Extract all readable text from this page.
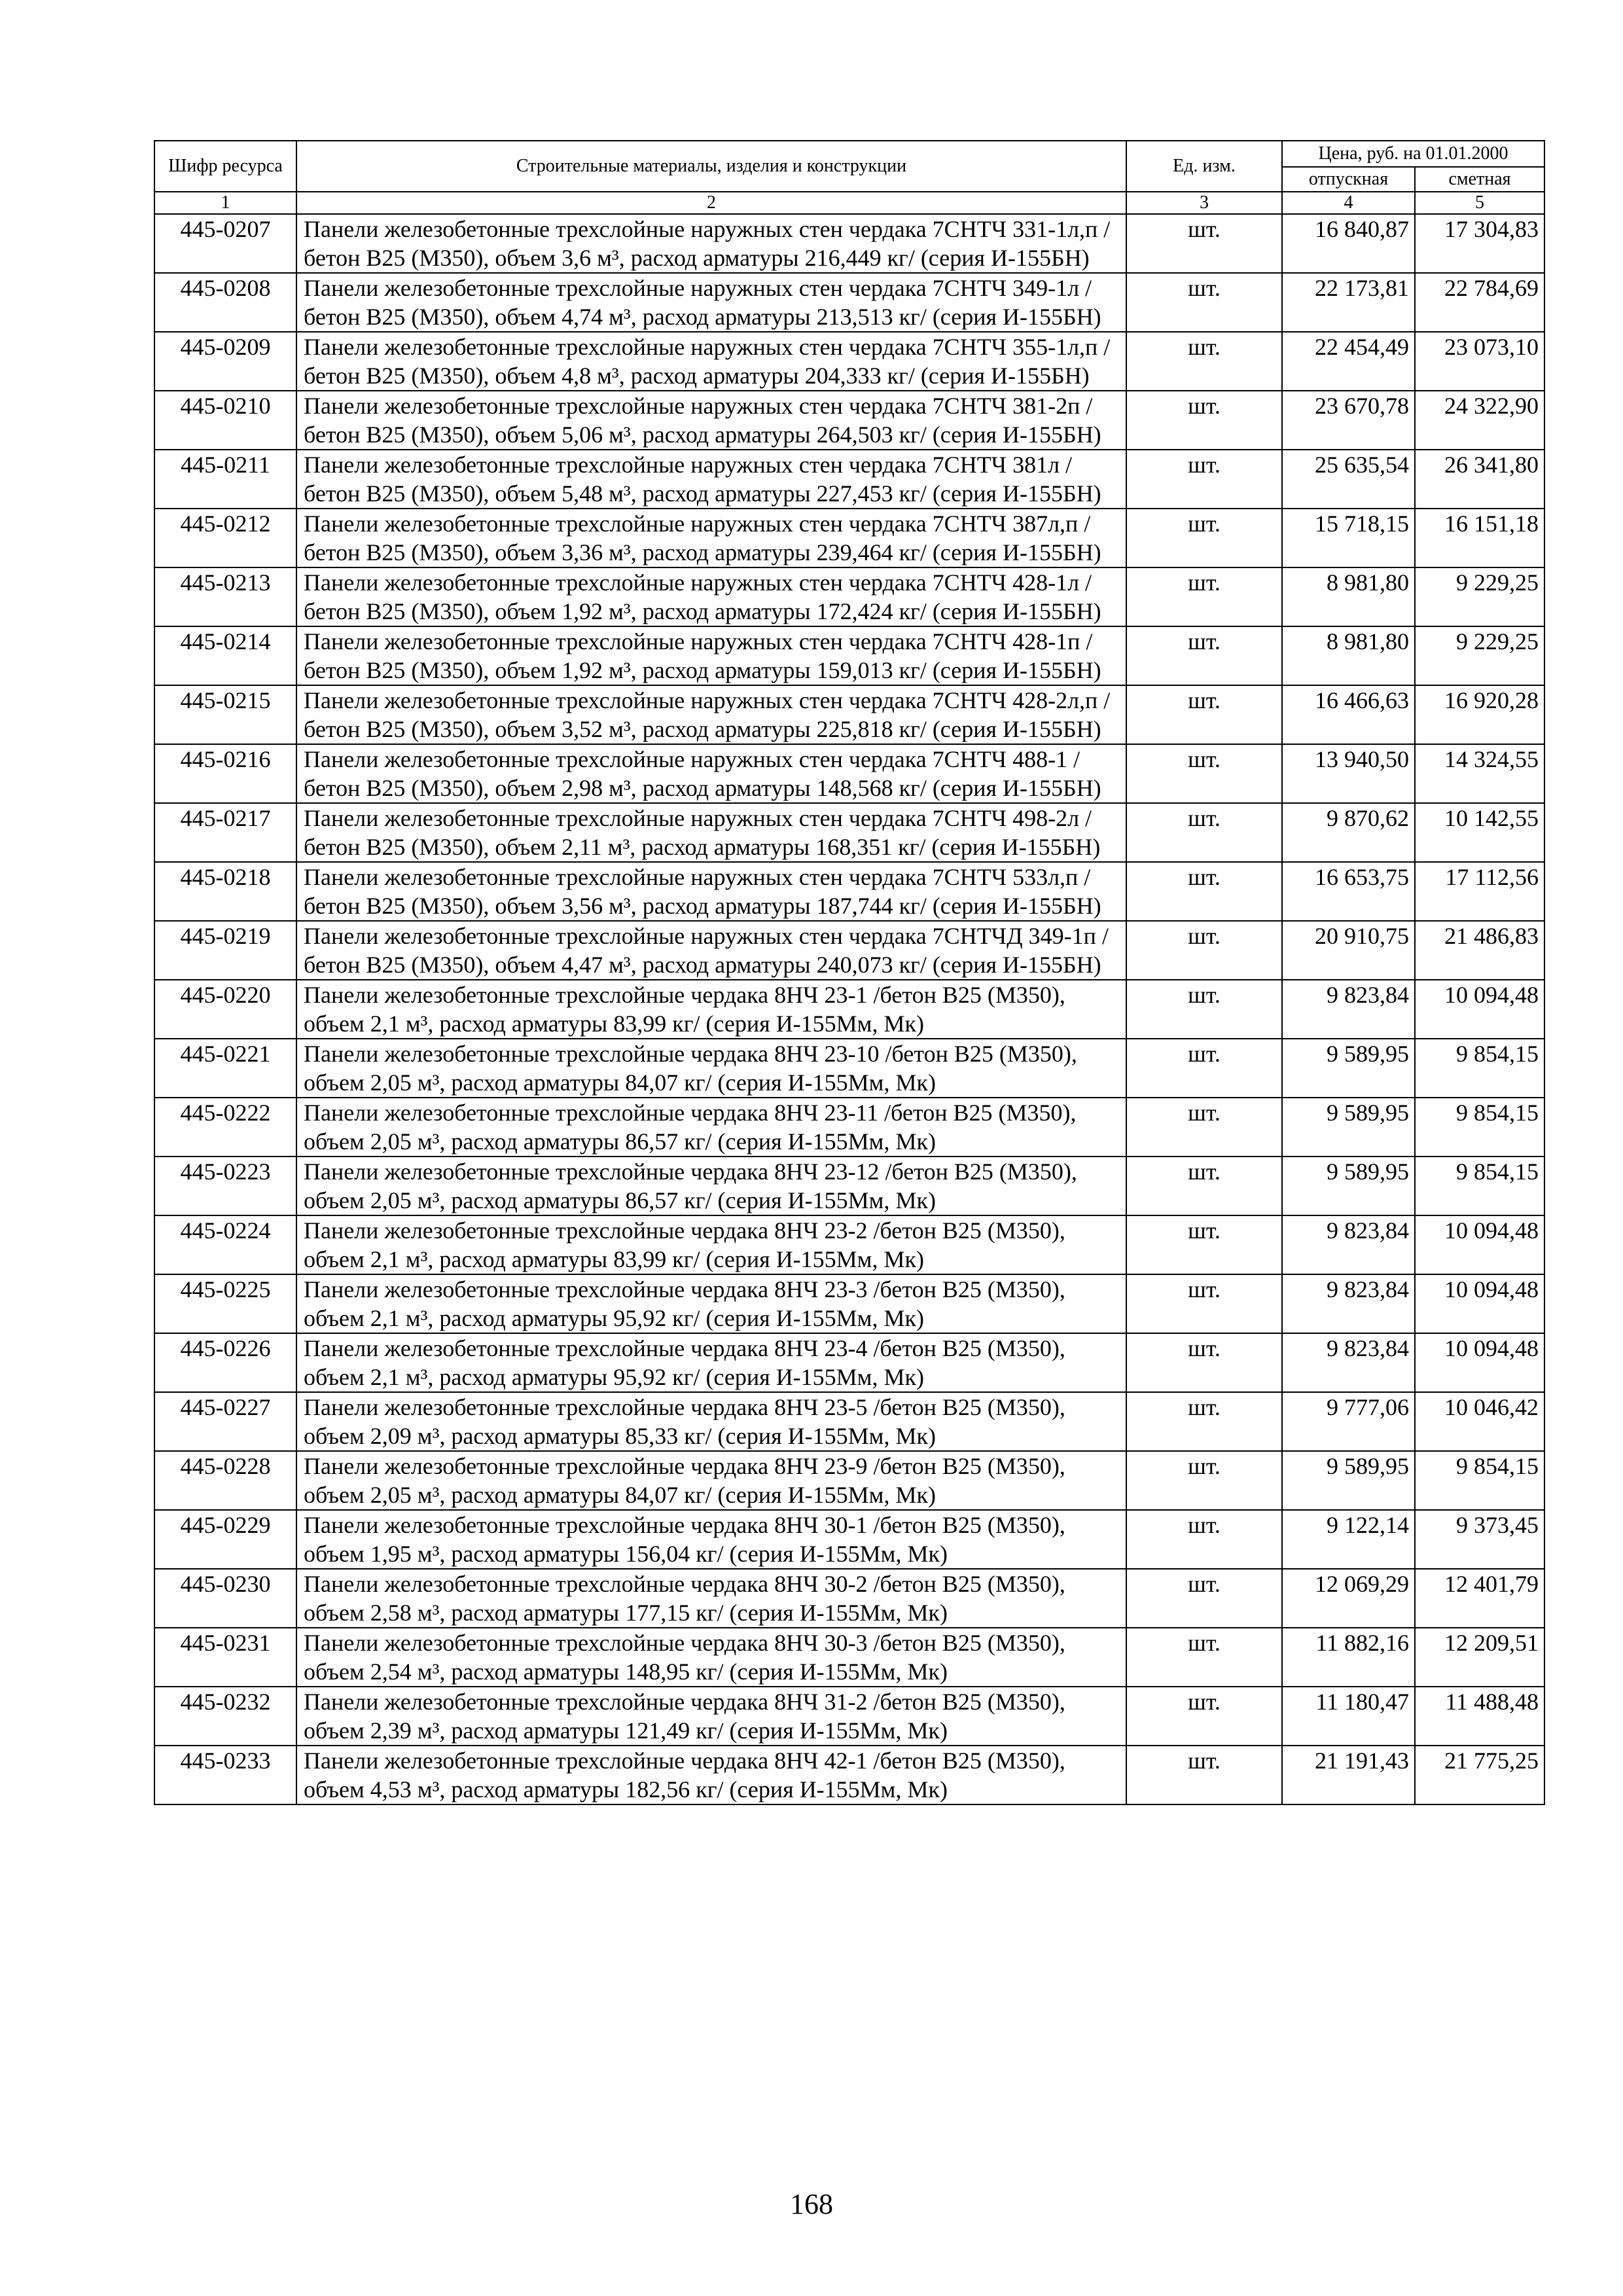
Шифр ресурса	Строительные материалы, изделия и конструкции	Ед. изм.	Цена, руб. на 01.01.2000	
			отпускная	сметная
1	2	3	4	5
445-0207	Панели железобетонные трехслойные наружных стен чердака 7СНТЧ 331-1л,п /бетон В25 (М350), объем 3,6 м³, расход арматуры 216,449 кг/ (серия И-155БН)	шт.	16 840,87	17 304,83
445-0208	Панели железобетонные трехслойные наружных стен чердака 7СНТЧ 349-1л /бетон В25 (М350), объем 4,74 м³, расход арматуры 213,513 кг/ (серия И-155БН)	шт.	22 173,81	22 784,69
445-0209	Панели железобетонные трехслойные наружных стен чердака 7СНТЧ 355-1л,п /бетон В25 (М350), объем 4,8 м³, расход арматуры 204,333 кг/ (серия И-155БН)	шт.	22 454,49	23 073,10
445-0210	Панели железобетонные трехслойные наружных стен чердака 7СНТЧ 381-2п /бетон В25 (М350), объем 5,06 м³, расход арматуры 264,503 кг/ (серия И-155БН)	шт.	23 670,78	24 322,90
445-0211	Панели железобетонные трехслойные наружных стен чердака 7СНТЧ 381л /бетон В25 (М350), объем 5,48 м³, расход арматуры 227,453 кг/ (серия И-155БН)	шт.	25 635,54	26 341,80
445-0212	Панели железобетонные трехслойные наружных стен чердака 7СНТЧ 387л,п /бетон В25 (М350), объем 3,36 м³, расход арматуры 239,464 кг/ (серия И-155БН)	шт.	15 718,15	16 151,18
445-0213	Панели железобетонные трехслойные наружных стен чердака 7СНТЧ 428-1л /бетон В25 (М350), объем 1,92 м³, расход арматуры 172,424 кг/ (серия И-155БН)	шт.	8 981,80	9 229,25
445-0214	Панели железобетонные трехслойные наружных стен чердака 7СНТЧ 428-1п /бетон В25 (М350), объем 1,92 м³, расход арматуры 159,013 кг/ (серия И-155БН)	шт.	8 981,80	9 229,25
445-0215	Панели железобетонные трехслойные наружных стен чердака 7СНТЧ 428-2л,п /бетон В25 (М350), объем 3,52 м³, расход арматуры 225,818 кг/ (серия И-155БН)	шт.	16 466,63	16 920,28
445-0216	Панели железобетонные трехслойные наружных стен чердака 7СНТЧ 488-1 /бетон В25 (М350), объем 2,98 м³, расход арматуры 148,568 кг/ (серия И-155БН)	шт.	13 940,50	14 324,55
445-0217	Панели железобетонные трехслойные наружных стен чердака 7СНТЧ 498-2л /бетон В25 (М350), объем 2,11 м³, расход арматуры 168,351 кг/ (серия И-155БН)	шт.	9 870,62	10 142,55
445-0218	Панели железобетонные трехслойные наружных стен чердака 7СНТЧ 533л,п /бетон В25 (М350), объем 3,56 м³, расход арматуры 187,744 кг/ (серия И-155БН)	шт.	16 653,75	17 112,56
445-0219	Панели железобетонные трехслойные наружных стен чердака 7СНТЧД 349-1п /бетон В25 (М350), объем 4,47 м³, расход арматуры 240,073 кг/ (серия И-155БН)	шт.	20 910,75	21 486,83
445-0220	Панели железобетонные трехслойные чердака 8НЧ 23-1 /бетон В25 (М350), объем 2,1 м³, расход арматуры 83,99 кг/ (серия И-155Мм, Мк)	шт.	9 823,84	10 094,48
445-0221	Панели железобетонные трехслойные чердака 8НЧ 23-10 /бетон В25 (М350), объем 2,05 м³, расход арматуры 84,07 кг/ (серия И-155Мм, Мк)	шт.	9 589,95	9 854,15
445-0222	Панели железобетонные трехслойные чердака 8НЧ 23-11 /бетон В25 (М350), объем 2,05 м³, расход арматуры 86,57 кг/ (серия И-155Мм, Мк)	шт.	9 589,95	9 854,15
445-0223	Панели железобетонные трехслойные чердака 8НЧ 23-12 /бетон В25 (М350), объем 2,05 м³, расход арматуры 86,57 кг/ (серия И-155Мм, Мк)	шт.	9 589,95	9 854,15
445-0224	Панели железобетонные трехслойные чердака 8НЧ 23-2 /бетон В25 (М350), объем 2,1 м³, расход арматуры 83,99 кг/ (серия И-155Мм, Мк)	шт.	9 823,84	10 094,48
445-0225	Панели железобетонные трехслойные чердака 8НЧ 23-3 /бетон В25 (М350), объем 2,1 м³, расход арматуры 95,92 кг/ (серия И-155Мм, Мк)	шт.	9 823,84	10 094,48
445-0226	Панели железобетонные трехслойные чердака 8НЧ 23-4 /бетон В25 (М350), объем 2,1 м³, расход арматуры 95,92 кг/ (серия И-155Мм, Мк)	шт.	9 823,84	10 094,48
445-0227	Панели железобетонные трехслойные чердака 8НЧ 23-5 /бетон В25 (М350), объем 2,09 м³, расход арматуры 85,33 кг/ (серия И-155Мм, Мк)	шт.	9 777,06	10 046,42
445-0228	Панели железобетонные трехслойные чердака 8НЧ 23-9 /бетон В25 (М350), объем 2,05 м³, расход арматуры 84,07 кг/ (серия И-155Мм, Мк)	шт.	9 589,95	9 854,15
445-0229	Панели железобетонные трехслойные чердака 8НЧ 30-1 /бетон В25 (М350), объем 1,95 м³, расход арматуры 156,04 кг/ (серия И-155Мм, Мк)	шт.	9 122,14	9 373,45
445-0230	Панели железобетонные трехслойные чердака 8НЧ 30-2 /бетон В25 (М350), объем 2,58 м³, расход арматуры 177,15 кг/ (серия И-155Мм, Мк)	шт.	12 069,29	12 401,79
445-0231	Панели железобетонные трехслойные чердака 8НЧ 30-3 /бетон В25 (М350), объем 2,54 м³, расход арматуры 148,95 кг/ (серия И-155Мм, Мк)	шт.	11 882,16	12 209,51
445-0232	Панели железобетонные трехслойные чердака 8НЧ 31-2 /бетон В25 (М350), объем 2,39 м³, расход арматуры 121,49 кг/ (серия И-155Мм, Мк)	шт.	11 180,47	11 488,48
445-0233	Панели железобетонные трехслойные чердака 8НЧ 42-1 /бетон В25 (М350), объем 4,53 м³, расход арматуры 182,56 кг/ (серия И-155Мм, Мк)	шт.	21 191,43	21 775,25
168
